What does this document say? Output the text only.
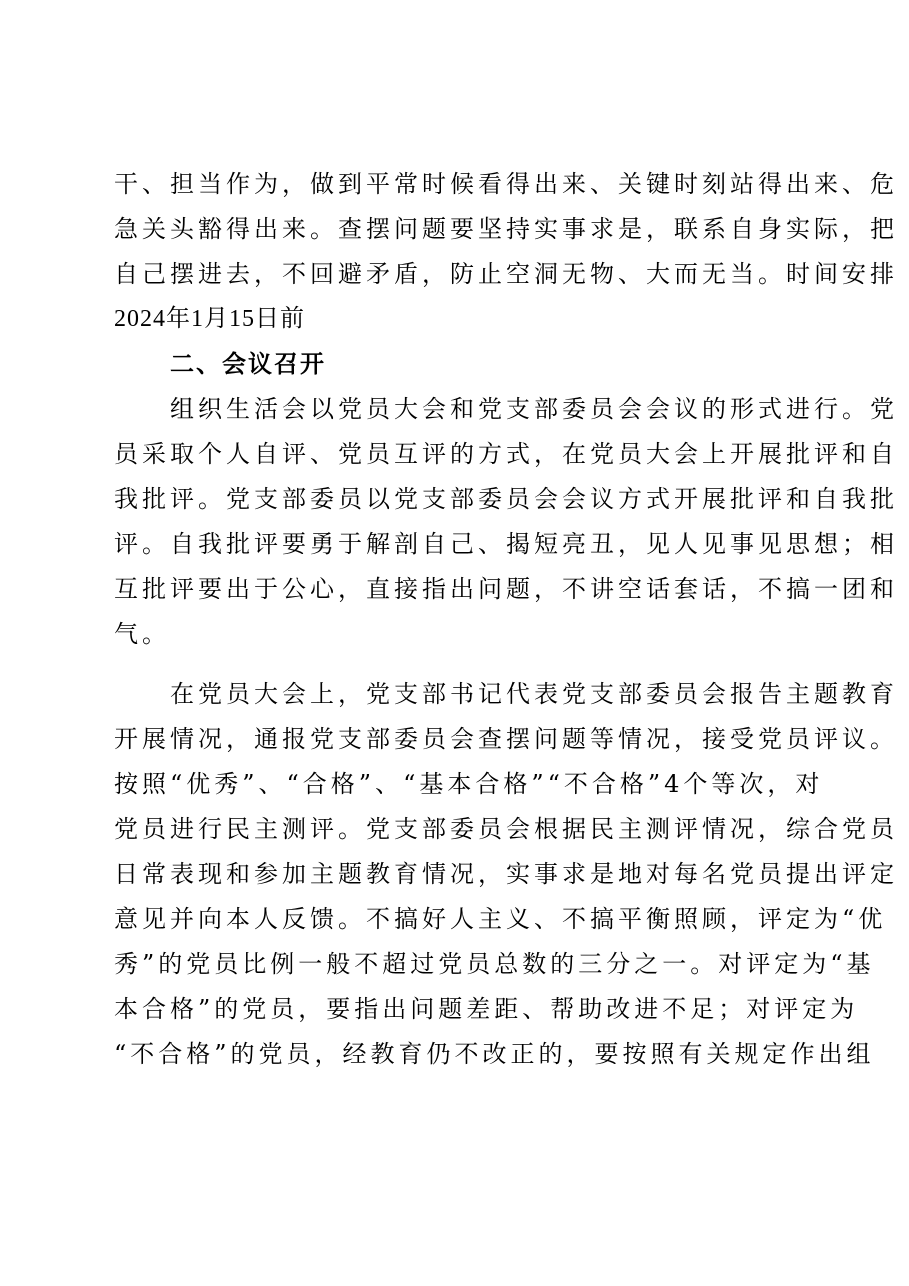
干、担当作为，做到平常时候看得出来、关键时刻站得出来、危
急关头豁得出来。查摆问题要坚持实事求是，联系自身实际，把
自己摆进去，不回避矛盾，防止空洞无物、大而无当。时间安排
2024年1月15日前
二、会议召开
组织生活会以党员大会和党支部委员会会议的形式进行。党
员采取个人自评、党员互评的方式，在党员大会上开展批评和自
我批评。党支部委员以党支部委员会会议方式开展批评和自我批
评。自我批评要勇于解剖自己、揭短亮丑，见人见事见思想；相
互批评要出于公心，直接指出问题，不讲空话套话，不搞一团和
气。
在党员大会上，党支部书记代表党支部委员会报告主题教育
开展情况，通报党支部委员会查摆问题等情况，接受党员评议。
按照“优秀”、“合格”、“基本合格”“不合格”4个等次，对
党员进行民主测评。党支部委员会根据民主测评情况，综合党员
日常表现和参加主题教育情况，实事求是地对每名党员提出评定
意见并向本人反馈。不搞好人主义、不搞平衡照顾，评定为“优
秀”的党员比例一般不超过党员总数的三分之一。对评定为“基
本合格”的党员，要指出问题差距、帮助改进不足；对评定为
“不合格”的党员，经教育仍不改正的，要按照有关规定作出组
